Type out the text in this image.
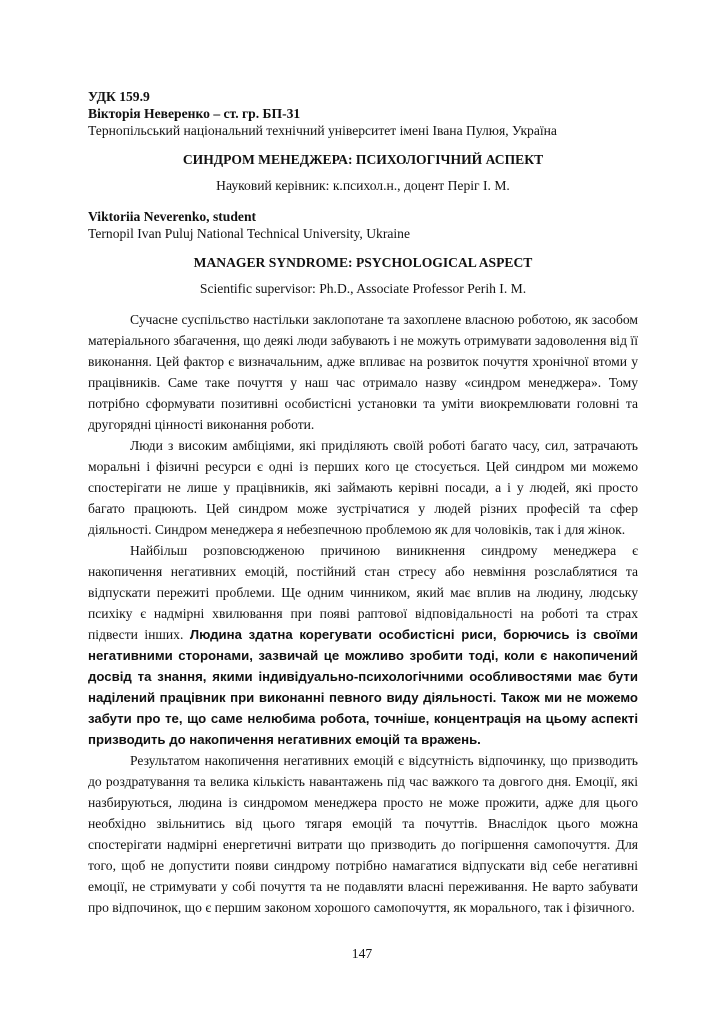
УДК 159.9
Вікторія Неверенко – ст. гр. БП-31
Тернопільський національний технічний університет імені Івана Пулюя, Україна
СИНДРОМ МЕНЕДЖЕРА: ПСИХОЛОГІЧНИЙ АСПЕКТ
Науковий керівник: к.психол.н., доцент Періг І. М.
Viktoriia Neverenko, student
Ternopil Ivan Puluj National Technical University, Ukraine
MANAGER SYNDROME: PSYCHOLOGICAL ASPECT
Scientific supervisor: Ph.D., Associate Professor Perih I. M.

Сучасне суспільство настільки заклопотане та захоплене власною роботою, як засобом матеріального збагачення, що деякі люди забувають і не можуть отримувати задоволення від її виконання. Цей фактор є визначальним, адже впливає на розвиток почуття хронічної втоми у працівників. Саме таке почуття у наш час отримало назву «синдром менеджера». Тому потрібно сформувати позитивні особистісні установки та уміти виокремлювати головні та другорядні цінності виконання роботи.

Люди з високим амбіціями, які приділяють своїй роботі багато часу, сил, затрачають моральні і фізичні ресурси є одні із перших кого це стосується. Цей синдром ми можемо спостерігати не лише у працівників, які займають керівні посади, а і у людей, які просто багато працюють. Цей синдром може зустрічатися у людей різних професій та сфер діяльності. Синдром менеджера я небезпечною проблемою як для чоловіків, так і для жінок.

Найбільш розповсюдженою причиною виникнення синдрому менеджера є накопичення негативних емоцій, постійний стан стресу або невміння розслаблятися та відпускати пережиті проблеми. Ще одним чинником, який має вплив на людину, людську психіку є надмірні хвилювання при появі раптової відповідальності на роботі та страх підвести інших. Людина здатна корегувати особистісні риси, борючись із своїми негативними сторонами, зазвичай це можливо зробити тоді, коли є накопичений досвід та знання, якими індивідуально-психологічними особливостями має бути наділений працівник при виконанні певного виду діяльності. Також ми не можемо забути про те, що саме нелюбима робота, точніше, концентрація на цьому аспекті призводить до накопичення негативних емоцій та вражень.

Результатом накопичення негативних емоцій є відсутність відпочинку, що призводить до роздратування та велика кількість навантажень під час важкого та довгого дня. Емоції, які назбируються, людина із синдромом менеджера просто не може прожити, адже для цього необхідно звільнитись від цього тягаря емоцій та почуттів. Внаслідок цього можна спостерігати надмірні енергетичні витрати що призводить до погіршення самопочуття. Для того, щоб не допустити появи синдрому потрібно намагатися відпускати від себе негативні емоції, не стримувати у собі почуття та не подавляти власні переживання. Не варто забувати про відпочинок, що є першим законом хорошого самопочуття, як морального, так і фізичного.

147
